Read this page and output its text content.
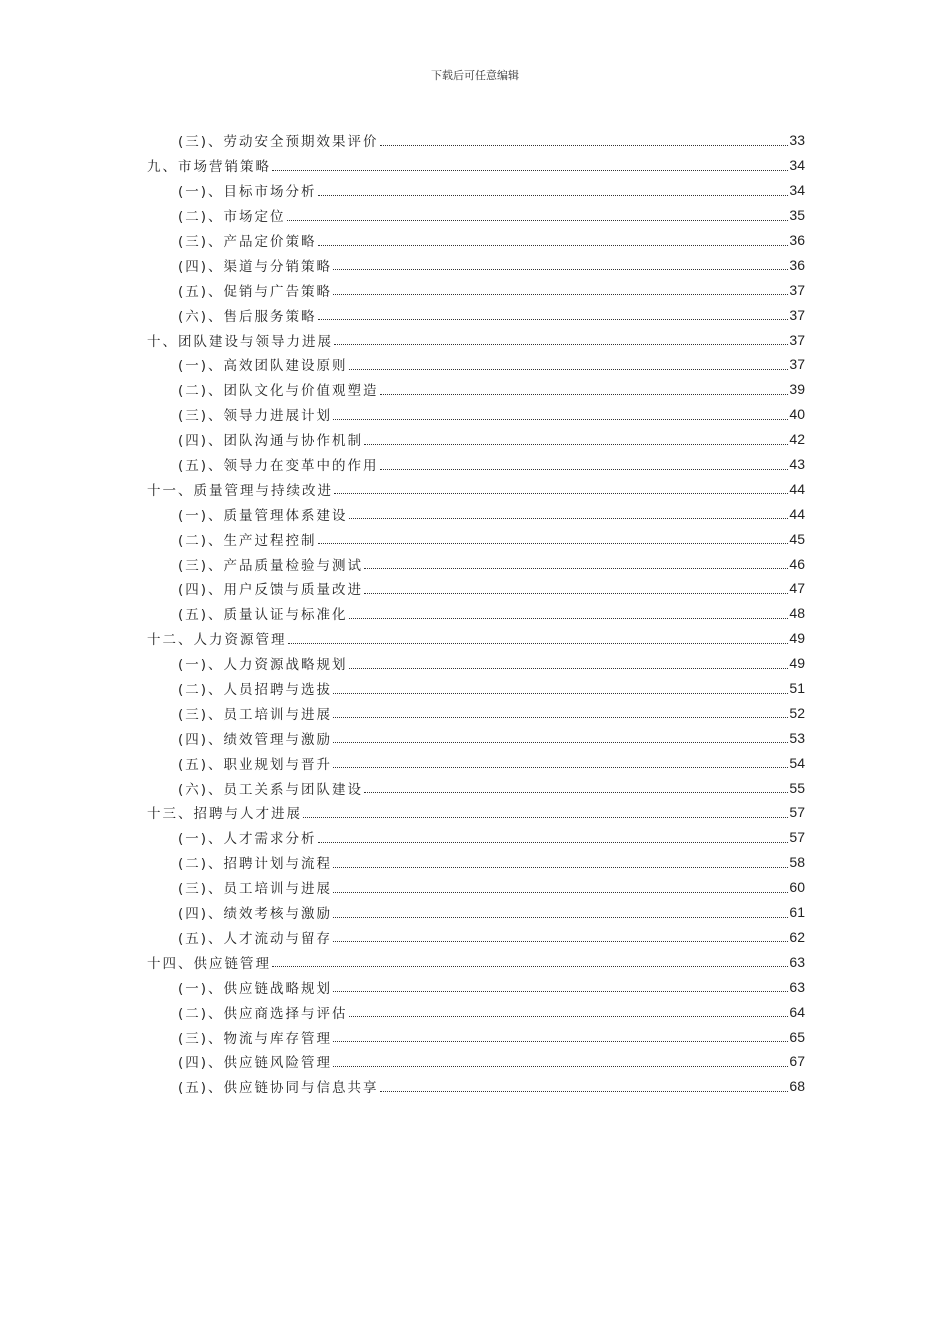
下载后可任意编辑
(三)、劳动安全预期效果评价	33
九、市场营销策略	34
(一)、目标市场分析	34
(二)、市场定位	35
(三)、产品定价策略	36
(四)、渠道与分销策略	36
(五)、促销与广告策略	37
(六)、售后服务策略	37
十、团队建设与领导力进展	37
(一)、高效团队建设原则	37
(二)、团队文化与价值观塑造	39
(三)、领导力进展计划	40
(四)、团队沟通与协作机制	42
(五)、领导力在变革中的作用	43
十一、质量管理与持续改进	44
(一)、质量管理体系建设	44
(二)、生产过程控制	45
(三)、产品质量检验与测试	46
(四)、用户反馈与质量改进	47
(五)、质量认证与标准化	48
十二、人力资源管理	49
(一)、人力资源战略规划	49
(二)、人员招聘与选拔	51
(三)、员工培训与进展	52
(四)、绩效管理与激励	53
(五)、职业规划与晋升	54
(六)、员工关系与团队建设	55
十三、招聘与人才进展	57
(一)、人才需求分析	57
(二)、招聘计划与流程	58
(三)、员工培训与进展	60
(四)、绩效考核与激励	61
(五)、人才流动与留存	62
十四、供应链管理	63
(一)、供应链战略规划	63
(二)、供应商选择与评估	64
(三)、物流与库存管理	65
(四)、供应链风险管理	67
(五)、供应链协同与信息共享	68
